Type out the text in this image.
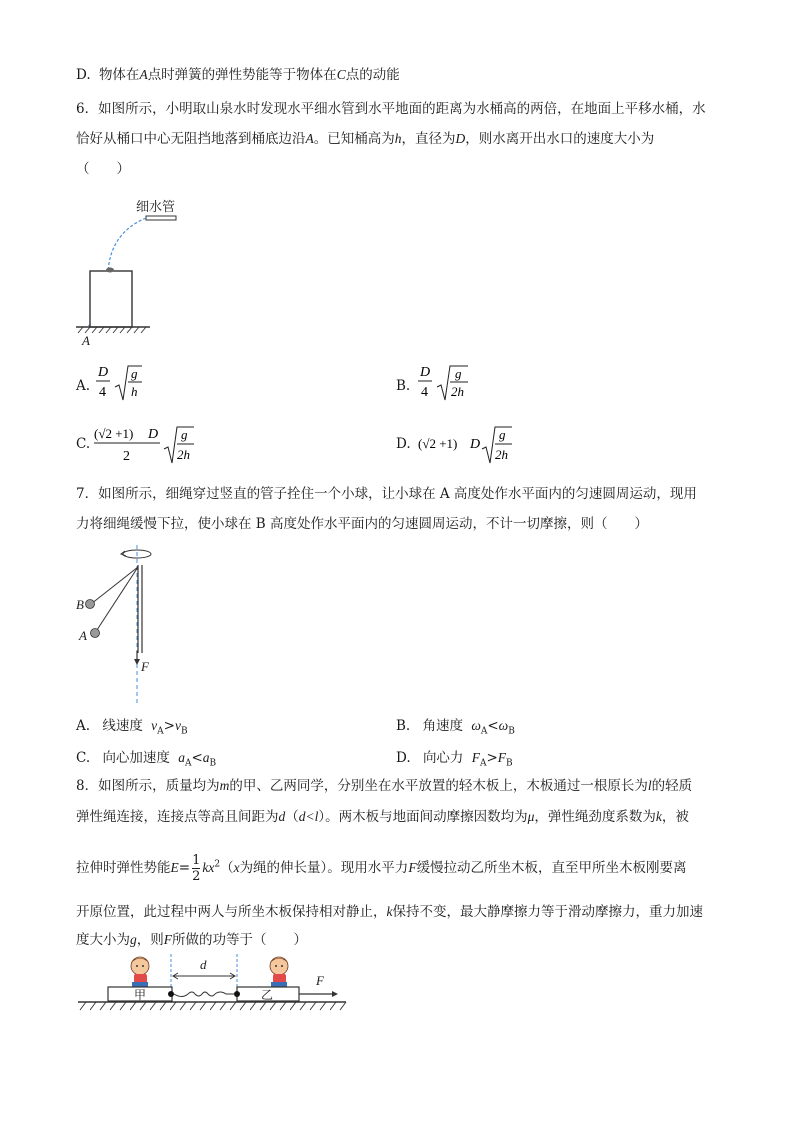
D. 物体在A点时弹簧的弹性势能等于物体在C点的动能
6．如图所示，小明取山泉水时发现水平细水管到水平地面的距离为水桶高的两倍，在地面上平移水桶，水
恰好从桶口中心无阻挡地落到桶底边沿A。已知桶高为h，直径为D，则水离开出水口的速度大小为
（　　）
细水管
A
A.
D
4
g
h	B.
D
4
g
2h
C.
(√2 +1) D
2
g
2h
D. (√2 +1) D
g
2h
7．如图所示，细绳穿过竖直的管子拴住一个小球，让小球在 A 高度处作水平面内的匀速圆周运动，现用
力将细绳缓慢下拉，使小球在 B 高度处作水平面内的匀速圆周运动，不计一切摩擦，则（　　）
B
A
F
A. 线速度 $v_A>v_B$	B. 角速度 $\omega_A<\omega_B$
C. 向心加速度 $a_A<a_B$	D. 向心力 $F_A>F_B$
8．如图所示，质量均为m的甲、乙两同学，分别坐在水平放置的轻木板上，木板通过一根原长为l的轻质
弹性绳连接，连接点等高且间距为d（d<l）。两木板与地面间动摩擦因数均为μ，弹性绳劲度系数为k，被
拉伸时弹性势能$E= \frac{1}{2} kx^2(x$为绳的伸长量）。现用水平力F缓慢拉动乙所坐木板，直至甲所坐木板刚要离
开原位置，此过程中两人与所坐木板保持相对静止，k保持不变，最大静摩擦力等于滑动摩擦力，重力加速
度大小为g，则F所做的功等于（　　）
d
甲	乙
F
